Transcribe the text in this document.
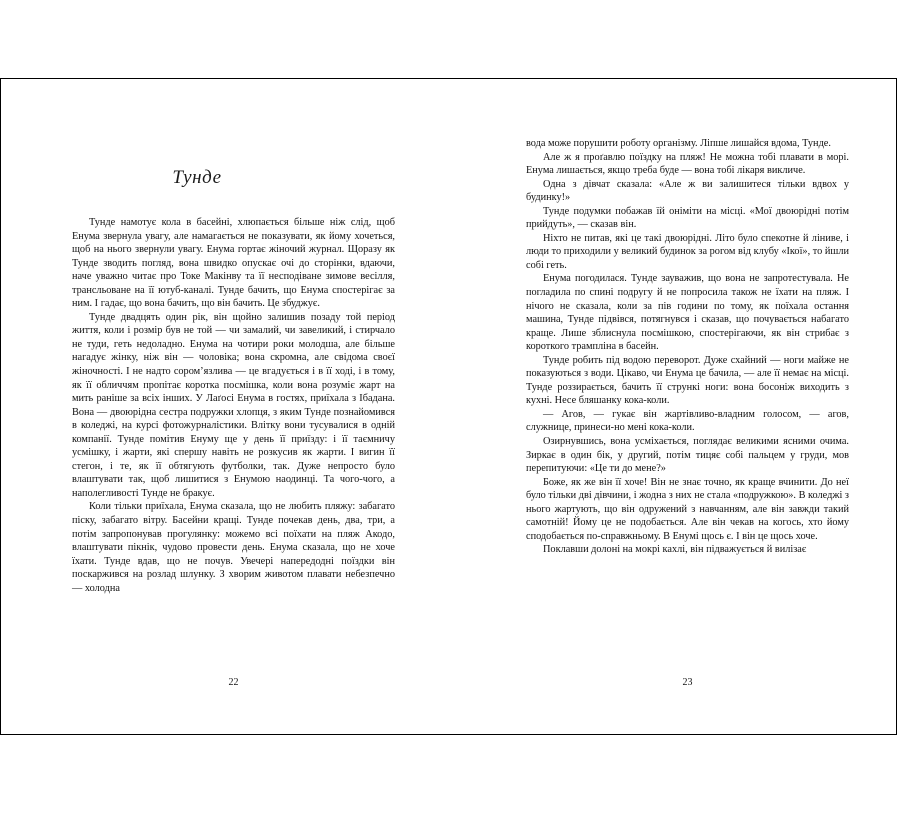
Тунде

Тунде намотує кола в басейні, хлюпається більше ніж слід, щоб Енума звернула увагу, але намагається не показувати, як йому хочеться, щоб на нього звернули увагу. Енума гортає жіночий журнал. Щоразу як Тунде зводить погляд, вона швидко опускає очі до сторінки, вдаючи, наче уважно читає про Токе Макінву та її несподіване зимове весілля, трансльоване на її ютуб-каналі. Тунде бачить, що Енума спостерігає за ним. І гадає, що вона бачить, що він бачить. Це збуджує.

Тунде двадцять один рік, він щойно залишив позаду той період життя, коли і розмір був не той — чи замалий, чи завеликий, і стирчало не туди, геть недоладно. Енума на чотири роки молодша, але більше нагадує жінку, ніж він — чоловіка; вона скромна, але свідома своєї жіночності. І не надто сором’язлива — це вгадується і в її ході, і в тому, як її обличчям пропітає коротка посмішка, коли вона розуміє жарт на мить раніше за всіх інших. У Лаґосі Енума в гостях, приїхала з Ібадана. Вона — двоюрідна сестра подружки хлопця, з яким Тунде познайомився в коледжі, на курсі фотожурналістики. Влітку вони тусувалися в одній компанії. Тунде помітив Енуму ще у день її приїзду: і її таємничу усмішку, і жарти, які спершу навіть не розкусив як жарти. І вигин її стегон, і те, як її обтягують футболки, так. Дуже непросто було влаштувати так, щоб лишитися з Енумою наодинці. Та чого-чого, а наполегливості Тунде не бракує.

Коли тільки приїхала, Енума сказала, що не любить пляжу: забагато піску, забагато вітру. Басейни кращі. Тунде почекав день, два, три, а потім запропонував прогулянку: можемо всі поїхати на пляж Акодо, влаштувати пікнік, чудово провести день. Енума сказала, що не хоче їхати. Тунде вдав, що не почув. Увечері напередодні поїздки він поскаржився на розлад шлунку. З хворим животом плавати небезпечно — холодна

22

вода може порушити роботу організму. Ліпше лишайся вдома, Тунде.

Але ж я проґавлю поїздку на пляж! Не можна тобі плавати в морі. Енума лишається, якщо треба буде — вона тобі лікаря викличе.

Одна з дівчат сказала: «Але ж ви залишитеся тільки вдвох у будинку!»

Тунде подумки побажав їй оніміти на місці. «Мої двоюрідні потім прийдуть», — сказав він.

Ніхто не питав, які це такі двоюрідні. Літо було спекотне й лінивe, і люди то приходили у великий будинок за рогом від клубу «Ікої», то йшли собі геть.

Енума погодилася. Тунде зауважив, що вона не запротестувала. Не погладила по спині подругу й не попросила також не їхати на пляж. І нічого не сказала, коли за пів години по тому, як поїхала остання машина, Тунде підвівся, потягнувся і сказав, що почувається набагато краще. Лише зблиснула посмішкою, спостерігаючи, як він стрибає з короткого трампліна в басейн.

Тунде робить під водою переворот. Дуже схайний — ноги майже не показуються з води. Цікаво, чи Енума це бачила, — але її немає на місці. Тунде роззирається, бачить її стрункі ноги: вона босоніж виходить з кухні. Несе бляшанку кока-коли.

— Агов, — гукає він жартівливо-владним голосом, — агов, служнице, принеси-но мені кока-коли.

Озирнувшись, вона усміхається, поглядає великими ясними очима. Зиркає в один бік, у другий, потім тицяє собі пальцем у груди, мов перепитуючи: «Це ти до мене?»

Боже, як же він її хоче! Він не знає точно, як краще вчинити. До неї було тільки дві дівчини, і жодна з них не стала «подружкою». В коледжі з нього жартують, що він одружений з навчанням, але він завжди такий самотній! Йому це не подобається. Але він чекав на когось, хто йому сподобається по-справжньому. В Енумі щось є. І він це щось хоче.

Поклавши долоні на мокрі кахлі, він підважується й вилізає

23
